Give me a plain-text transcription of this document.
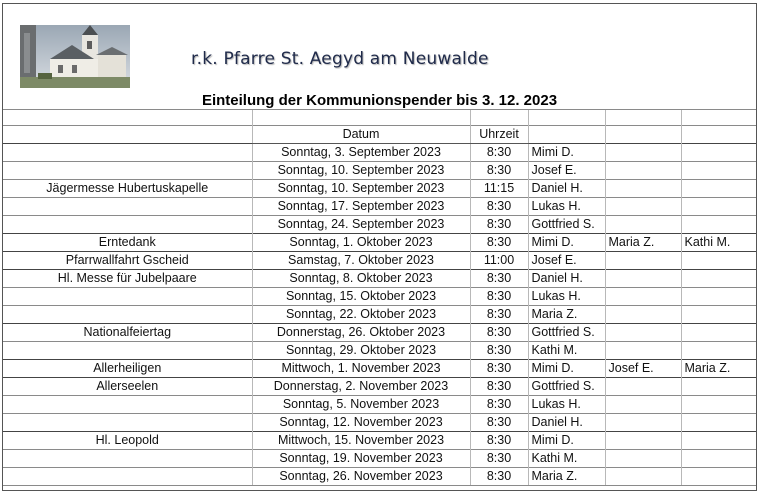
r.k. Pfarre St. Aegyd am Neuwalde
Einteilung der Kommunionspender bis 3. 12. 2023

	Datum	Uhrzeit			
	Sonntag, 3. September 2023	8:30	Mimi D.		
	Sonntag, 10. September 2023	8:30	Josef E.		
Jägermesse Hubertuskapelle	Sonntag, 10. September 2023	11:15	Daniel H.		
	Sonntag, 17. September 2023	8:30	Lukas H.		
	Sonntag, 24. September 2023	8:30	Gottfried S.		
Erntedank	Sonntag, 1. Oktober 2023	8:30	Mimi D.	Maria Z.	Kathi M.
Pfarrwallfahrt Gscheid	Samstag, 7. Oktober 2023	11:00	Josef E.		
Hl. Messe für Jubelpaare	Sonntag, 8. Oktober 2023	8:30	Daniel H.		
	Sonntag, 15. Oktober 2023	8:30	Lukas H.		
	Sonntag, 22. Oktober 2023	8:30	Maria Z.		
Nationalfeiertag	Donnerstag, 26. Oktober 2023	8:30	Gottfried S.		
	Sonntag, 29. Oktober 2023	8:30	Kathi M.		
Allerheiligen	Mittwoch, 1. November 2023	8:30	Mimi D.	Josef E.	Maria Z.
Allerseelen	Donnerstag, 2. November 2023	8:30	Gottfried S.		
	Sonntag, 5. November 2023	8:30	Lukas H.		
	Sonntag, 12. November 2023	8:30	Daniel H.		
Hl. Leopold	Mittwoch, 15. November 2023	8:30	Mimi D.		
	Sonntag, 19. November 2023	8:30	Kathi M.		
	Sonntag, 26. November 2023	8:30	Maria Z.		
